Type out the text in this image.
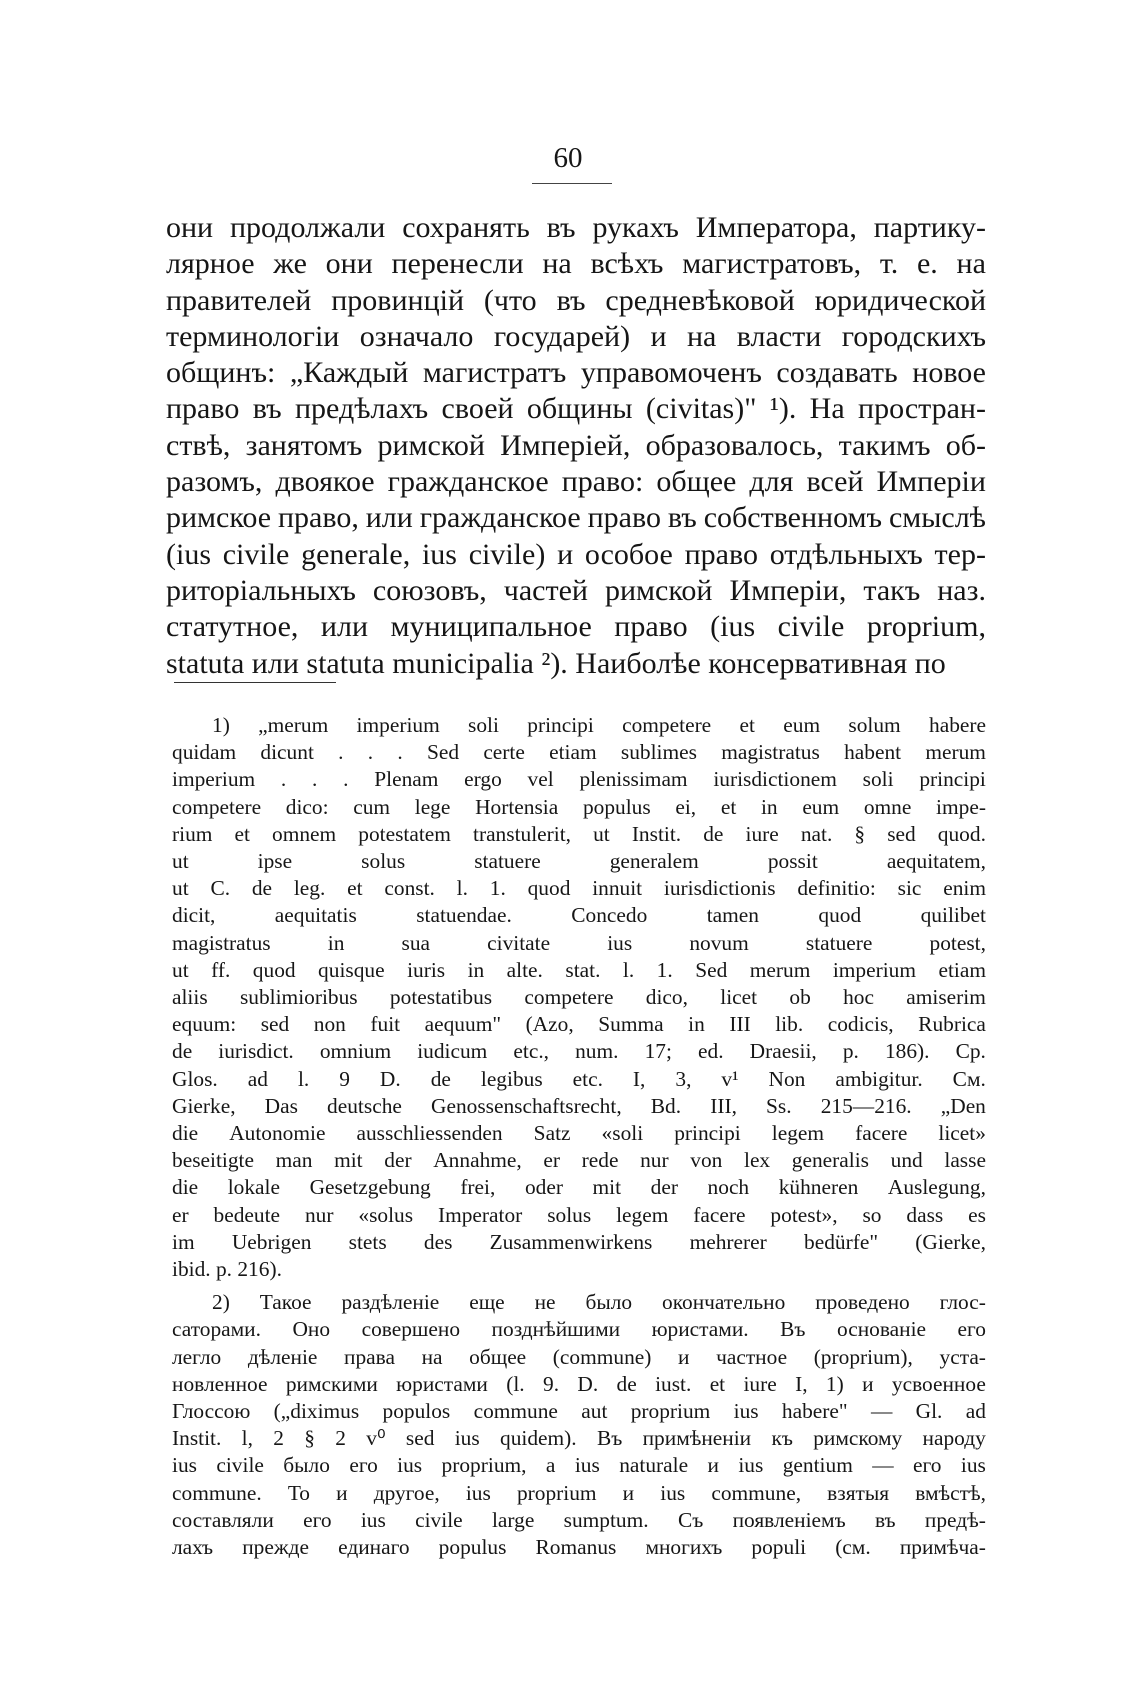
60
они продолжали сохранять въ рукахъ Императора, партику-
лярное же они перенесли на всѣхъ магистратовъ, т. е. на
правителей провинцій (что въ средневѣковой юридической
терминологіи означало государей) и на власти городскихъ
общинъ: „Каждый магистратъ управомоченъ создавать новое
право въ предѣлахъ своей общины (civitas)" ¹). На простран-
ствѣ, занятомъ римской Имперіей, образовалось, такимъ об-
разомъ, двоякое гражданское право: общее для всей Имперіи
римское право, или гражданское право въ собственномъ смыслѣ
(ius civile generale, ius civile) и особое право отдѣльныхъ тер-
риторіальныхъ союзовъ, частей римской Имперіи, такъ наз.
статутное, или муниципальное право (ius civile proprium,
statuta или statuta municipalia ²). Наиболѣе консервативная по
1) „merum imperium soli principi competere et eum solum habere
quidam dicunt . . . Sed certe etiam sublimes magistratus habent merum
imperium . . . Plenam ergo vel plenissimam iurisdictionem soli principi
competere dico: cum lege Hortensia populus ei, et in eum omne impe-
rium et omnem potestatem transtulerit, ut Instit. de iure nat. § sed quod.
ut	ipse	solus	statuere	generalem	possit	aequitatem,
ut C. de leg. et const. l. 1. quod innuit iurisdictionis definitio: sic enim
dicit,	aequitatis	statuendae.	Concedo	tamen	quod	quilibet
magistratus	in	sua	civitate	ius	novum	statuere	potest,
ut ff. quod quisque iuris in alte. stat. l. 1. Sed merum imperium etiam
aliis sublimioribus potestatibus competere dico, licet ob hoc amiserim
equum: sed non fuit aequum" (Azo, Summa in III lib. codicis, Rubrica
de iurisdict. omnium iudicum etc., num. 17; ed. Draesii, p. 186). Cp.
Glos. ad l. 9 D. de legibus etc. I, 3, v¹ Non ambigitur. См.
Gierke, Das deutsche Genossenschaftsrecht, Bd. III, Ss. 215—216. „Den
die Autonomie ausschliessenden Satz «soli principi legem facere licet»
beseitigte man mit der Annahme, er rede nur von lex generalis und lasse
die lokale Gesetzgebung frei, oder mit der noch kühneren Auslegung,
er bedeute nur «solus Imperator solus legem facere potest», so dass es
im Uebrigen stets des Zusammenwirkens mehrerer bedürfe" (Gierke,
ibid. p. 216).
2) Такое раздѣленіе еще не было окончательно проведено глос-
саторами. Оно совершено позднѣйшими юристами. Въ основаніе его
легло дѣленіе права на общее (commune) и частное (proprium), уста-
новленное римскими юристами (l. 9. D. de iust. et iure I, 1) и усвоенное
Глоссою („diximus populos commune aut proprium ius habere" — Gl. ad
Instit. l, 2 § 2 v⁰ sed ius quidem). Въ примѣненіи къ римскому народу
ius civile было его ius proprium, a ius naturale и ius gentium — его ius
commune. То и другое, ius proprium и ius commune, взятыя вмѣстѣ,
составляли его ius civile large sumptum. Съ появленіемъ въ предѣ-
лахъ прежде единаго populus Romanus многихъ populi (см. примѣча-
